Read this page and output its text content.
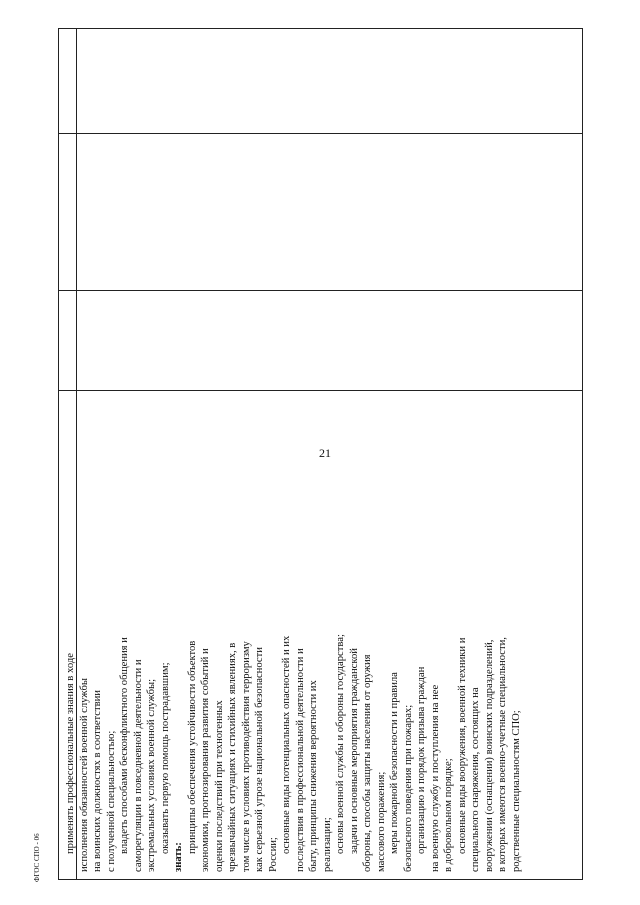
21

применять профессиональные знания в ходе исполнения обязанностей военной службы на воинских должностях в соответствии с полученной специальностью; владеть способами бесконфликтного общения и саморегуляции в повседневной деятельности и экстремальных условиях военной службы; оказывать первую помощь пострадавшим;

знать:

принципы обеспечения устойчивости объектов экономики, прогнозирования развития событий и оценки последствий при техногенных чрезвычайных ситуациях и стихийных явлениях, в том числе в условиях противодействия терроризму как серьезной угрозе национальной безопасности России;

основные виды потенциальных опасностей и их последствия в профессиональной деятельности и быту, принципы снижения вероятности их реализации; основы военной службы и обороны государства; задачи и основные мероприятия гражданской обороны, способы защиты населения от оружия массового поражения; меры пожарной безопасности и правила безопасного поведения при пожарах; организацию и порядок призыва граждан на военную службу и поступления на нее в добровольном порядке; основные виды вооружения, военной техники и специального снаряжения, состоящих на вооружении (оснащении) воинских подразделений, в которых имеются военно-учетные специальности, родственные специальностям СПО;

ФГОС СПО - 06
